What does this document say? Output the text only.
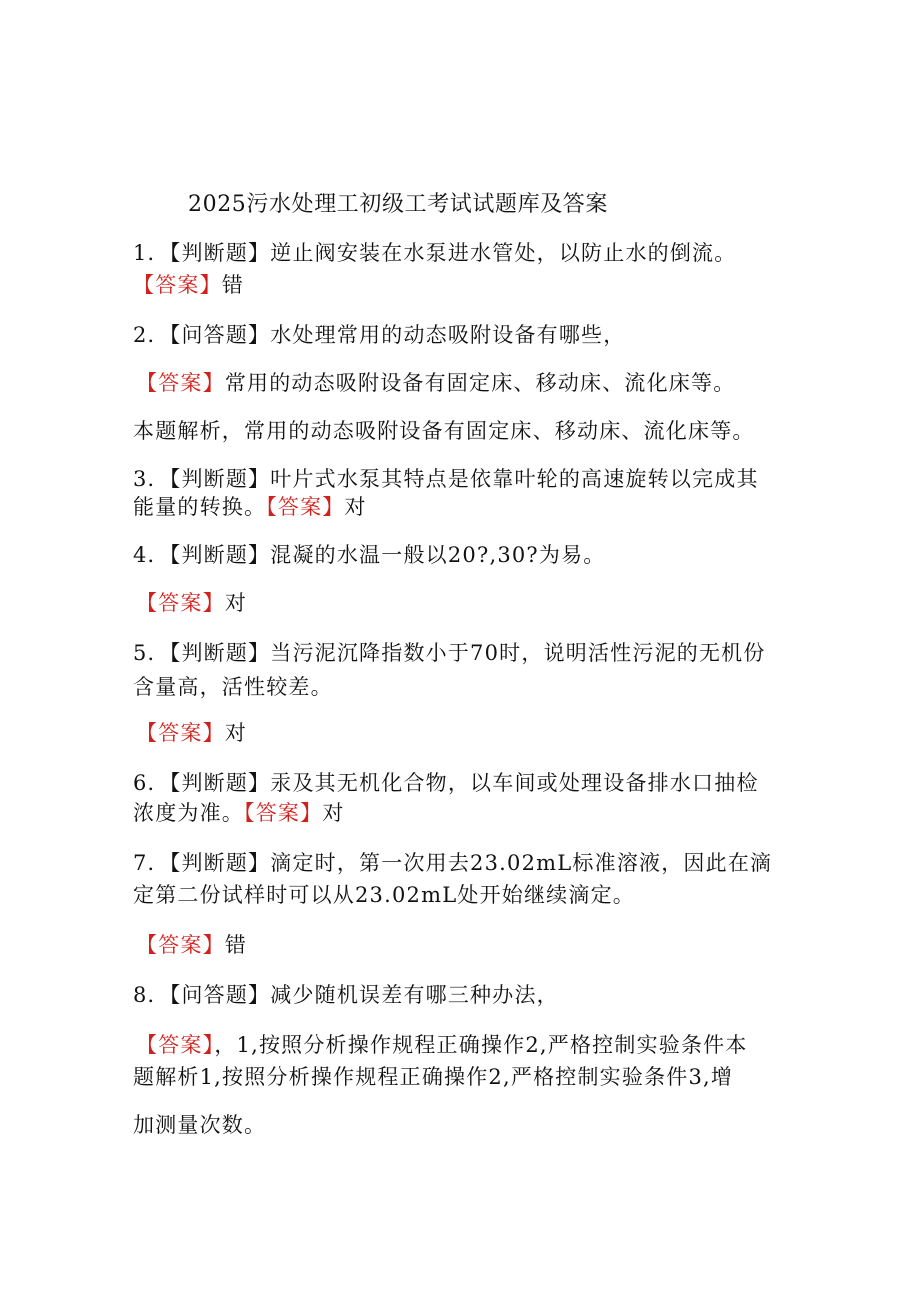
2025污水处理工初级工考试试题库及答案

1．【判断题】逆止阀安装在水泵进水管处，以防止水的倒流。

【答案】错

2．【问答题】水处理常用的动态吸附设备有哪些，

【答案】常用的动态吸附设备有固定床、移动床、流化床等。

本题解析，常用的动态吸附设备有固定床、移动床、流化床等。

3．【判断题】叶片式水泵其特点是依靠叶轮的高速旋转以完成其

能量的转换。【答案】对

4．【判断题】混凝的水温一般以20?,30?为易。

【答案】对

5．【判断题】当污泥沉降指数小于70时，说明活性污泥的无机份

含量高，活性较差。

【答案】对

6．【判断题】汞及其无机化合物，以车间或处理设备排水口抽检

浓度为准。【答案】对

7．【判断题】滴定时，第一次用去23.02mL标准溶液，因此在滴

定第二份试样时可以从23.02mL处开始继续滴定。

【答案】错

8．【问答题】减少随机误差有哪三种办法，

【答案】，1,按照分析操作规程正确操作2,严格控制实验条件本

题解析1,按照分析操作规程正确操作2,严格控制实验条件3,增

加测量次数。
